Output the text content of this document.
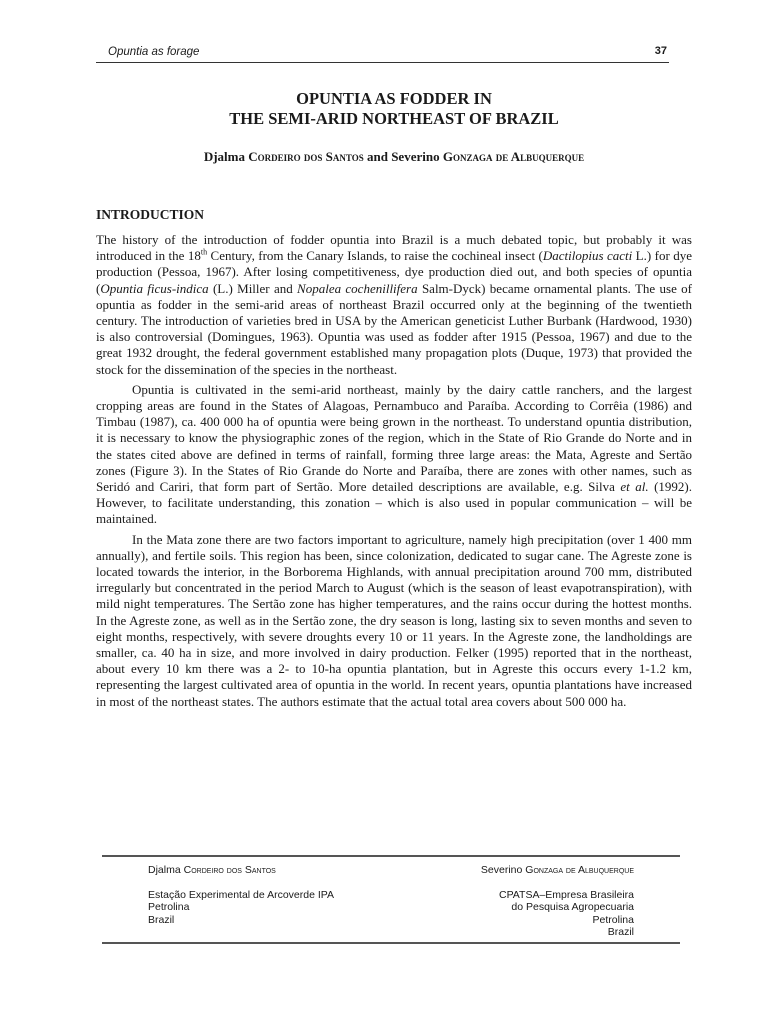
Opuntia as forage	37
OPUNTIA AS FODDER IN
THE SEMI-ARID NORTHEAST OF BRAZIL
Djalma Cordeiro dos Santos and Severino Gonzaga de Albuquerque
INTRODUCTION

The history of the introduction of fodder opuntia into Brazil is a much debated topic, but probably it was introduced in the 18th Century, from the Canary Islands, to raise the cochineal insect (Dactilopius cacti L.) for dye production (Pessoa, 1967). After losing competitiveness, dye production died out, and both species of opuntia (Opuntia ficus-indica (L.) Miller and Nopalea cochenillifera Salm-Dyck) became ornamental plants. The use of opuntia as fodder in the semi-arid areas of northeast Brazil occurred only at the beginning of the twentieth century. The introduction of varieties bred in USA by the American geneticist Luther Burbank (Hardwood, 1930) is also controversial (Domingues, 1963). Opuntia was used as fodder after 1915 (Pessoa, 1967) and due to the great 1932 drought, the federal government established many propagation plots (Duque, 1973) that provided the stock for the dissemination of the species in the northeast.

Opuntia is cultivated in the semi-arid northeast, mainly by the dairy cattle ranchers, and the largest cropping areas are found in the States of Alagoas, Pernambuco and Paraíba. According to Corrêia (1986) and Timbau (1987), ca. 400 000 ha of opuntia were being grown in the northeast. To understand opuntia distribution, it is necessary to know the physiographic zones of the region, which in the State of Rio Grande do Norte and in the states cited above are defined in terms of rainfall, forming three large areas: the Mata, Agreste and Sertão zones (Figure 3). In the States of Rio Grande do Norte and Paraíba, there are zones with other names, such as Seridó and Cariri, that form part of Sertão. More detailed descriptions are available, e.g. Silva et al. (1992). However, to facilitate understanding, this zonation – which is also used in popular communication – will be maintained.

In the Mata zone there are two factors important to agriculture, namely high precipitation (over 1 400 mm annually), and fertile soils. This region has been, since colonization, dedicated to sugar cane. The Agreste zone is located towards the interior, in the Borborema Highlands, with annual precipitation around 700 mm, distributed irregularly but concentrated in the period March to August (which is the season of least evapotranspiration), with mild night temperatures. The Sertão zone has higher temperatures, and the rains occur during the hottest months. In the Agreste zone, as well as in the Sertão zone, the dry season is long, lasting six to seven months and seven to eight months, respectively, with severe droughts every 10 or 11 years. In the Agreste zone, the landholdings are smaller, ca. 40 ha in size, and more involved in dairy production. Felker (1995) reported that in the northeast, about every 10 km there was a 2- to 10-ha opuntia plantation, but in Agreste this occurs every 1-1.2 km, representing the largest cultivated area of opuntia in the world. In recent years, opuntia plantations have increased in most of the northeast states. The authors estimate that the actual total area covers about 500 000 ha.

Djalma Cordeiro dos Santos
Estação Experimental de Arcoverde IPA
Petrolina
Brazil
Severino Gonzaga de Albuquerque
CPATSA–Empresa Brasileira
do Pesquisa Agropecuaria
Petrolina
Brazil
